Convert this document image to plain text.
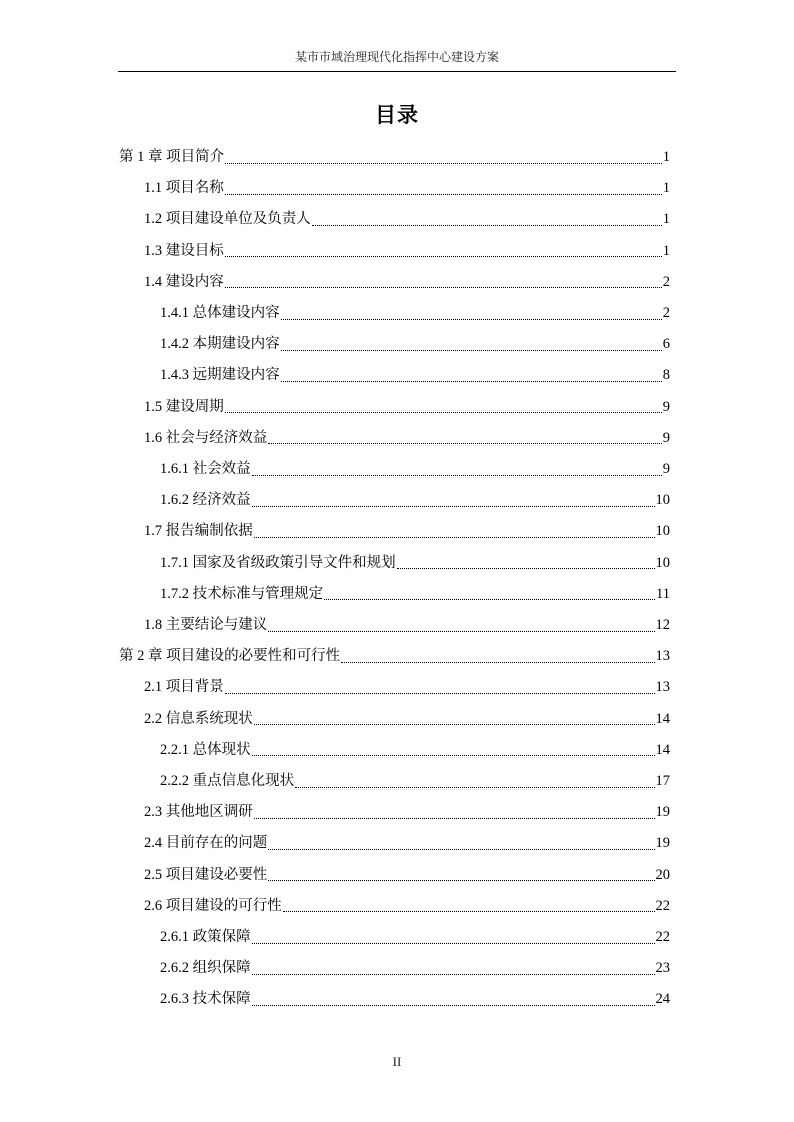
某市市域治理现代化指挥中心建设方案
目录
第 1 章 项目简介	1
1.1 项目名称	1
1.2 项目建设单位及负责人	1
1.3 建设目标	1
1.4 建设内容	2
1.4.1 总体建设内容	2
1.4.2 本期建设内容	6
1.4.3 远期建设内容	8
1.5 建设周期	9
1.6 社会与经济效益	9
1.6.1 社会效益	9
1.6.2 经济效益	10
1.7 报告编制依据	10
1.7.1 国家及省级政策引导文件和规划	10
1.7.2 技术标准与管理规定	11
1.8 主要结论与建议	12
第 2 章 项目建设的必要性和可行性	13
2.1 项目背景	13
2.2 信息系统现状	14
2.2.1 总体现状	14
2.2.2 重点信息化现状	17
2.3 其他地区调研	19
2.4 目前存在的问题	19
2.5 项目建设必要性	20
2.6 项目建设的可行性	22
2.6.1 政策保障	22
2.6.2 组织保障	23
2.6.3 技术保障	24
II
